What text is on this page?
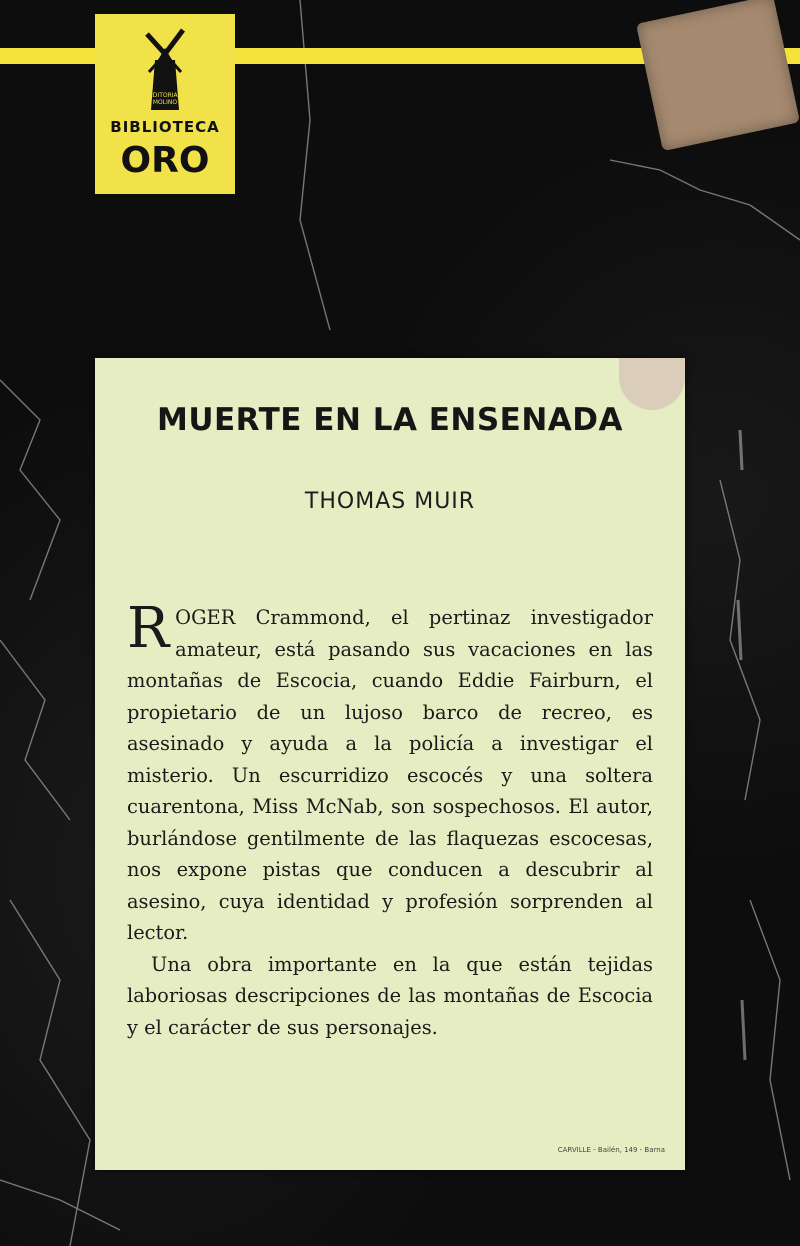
EDITORIAL MOLINO
BIBLIOTECA
ORO
MUERTE EN LA ENSENADA
THOMAS MUIR

ROGER Crammond, el pertinaz investigador amateur, está pasando sus vacaciones en las montañas de Escocia, cuando Eddie Fairburn, el propietario de un lujoso barco de recreo, es asesinado y ayuda a la policía a investigar el misterio. Un escurridizo escocés y una soltera cuarentona, Miss McNab, son sospechosos. El autor, burlándose gentilmente de las flaquezas escocesas, nos expone pistas que conducen a descubrir al asesino, cuya identidad y profesión sorprenden al lector.

Una obra importante en la que están tejidas laboriosas descripciones de las montañas de Escocia y el carácter de sus personajes.

CARVILLE - Bailén, 149 - Barna
